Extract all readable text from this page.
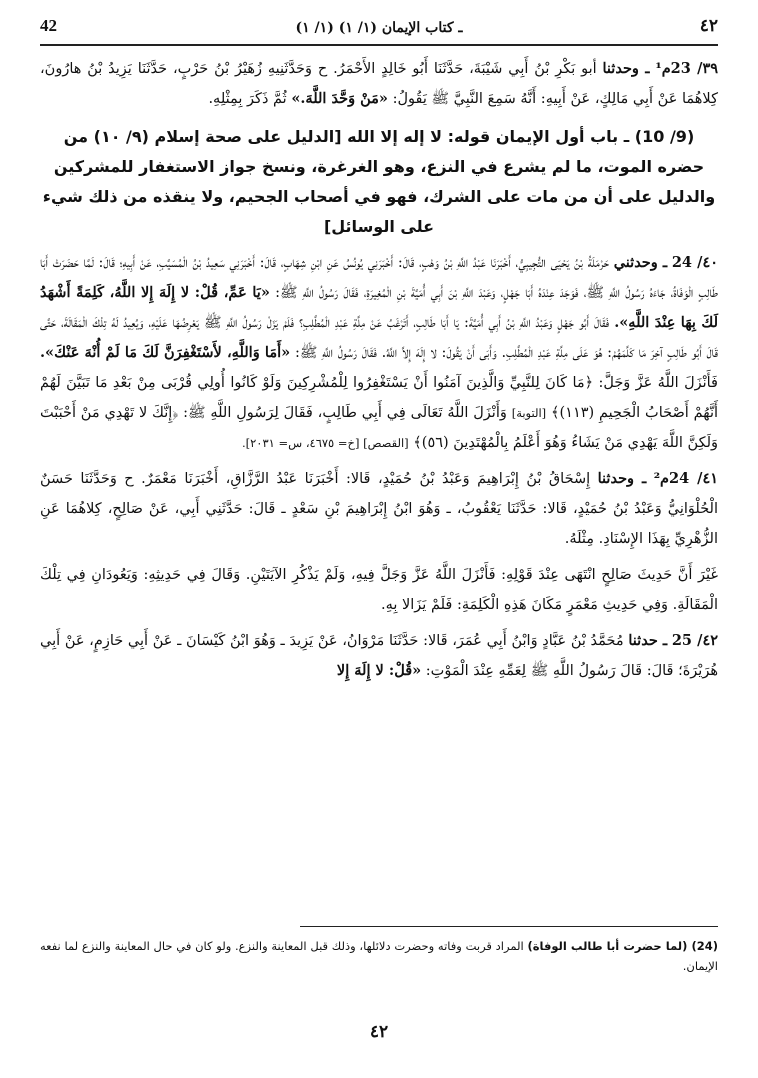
42	(١/ ١) ـ كتاب الإيمان (١/ ١)	٤٢

٣٩/ 23م¹ ـ وحدثنا أبو بَكْرِ بْنُ أَبِي شَيْبَةَ، حَدَّثَنَا أَبُو خَالِدٍ الأَحْمَرُ. ح وَحَدَّثَنِيهِ زُهَيْرُ بْنُ حَرْبٍ، حَدَّثَنَا يَزِيدُ بْنُ هارُونَ، كِلاهُمَا عَنْ أَبِي مَالِكٍ، عَنْ أَبِيهِ: أَنَّهُ سَمِعَ النَّبِيَّ ﷺ يَقُولُ: «مَنْ وَحَّدَ اللَّهَ.» ثُمَّ ذَكَرَ بِمِثْلِهِ.

(9/ 10) ـ باب أول الإيمان قوله: لا إله إلا الله [الدليل على صحة إسلام (٩/ ١٠) من حضره الموت، ما لم يشرع في النزع، وهو الغرغرة، ونسخ جواز الاستغفار للمشركين والدليل على أن من مات على الشرك، فهو في أصحاب الجحيم، ولا ينقذه من ذلك شيء على الوسائل]

٤٠/ 24 ـ وحدثني حَرْمَلَةُ بْنُ يَحْيَى التُّجِيبِيُّ، أَخْبَرَنَا عَبْدُ اللَّهِ بْنُ وَهْبٍ، قَالَ: أَخْبَرَنِي يُونُسُ عَنِ ابْنِ شِهَابٍ، قَالَ: أَخْبَرَنِي سَعِيدُ بْنُ الْمُسَيَّبِ، عَنْ أَبِيهِ؛ قَالَ: لَمَّا حَضَرَتْ أَبَا طَالِبٍ الْوَفَاةُ، جَاءَهُ رَسُولُ اللَّهِ ﷺ، فَوَجَدَ عِنْدَهُ أَبَا جَهْلٍ، وَعَبْدَ اللَّهِ بْنَ أَبِي أُمَيَّةَ بْنِ الْمُغِيرَةِ، فَقَالَ رَسُولُ اللَّهِ ﷺ: «يَا عَمِّ، قُلْ: لا إِلَهَ إِلا اللَّهُ، كَلِمَةً أَشْهَدُ لَكَ بِهَا عِنْدَ اللَّهِ». فَقَالَ أَبُو جَهْلٍ وَعَبْدُ اللَّهِ بْنُ أَبِي أُمَيَّةَ: يَا أَبَا طَالِبٍ، أَتَرْغَبُ عَنْ مِلَّةِ عَبْدِ الْمُطَّلِبِ؟ فَلَمْ يَزَلْ رَسُولُ اللَّهِ ﷺ يَعْرِضُهَا عَلَيْهِ، وَيُعِيدُ لَهُ تِلْكَ الْمَقَالَةَ، حَتَّى قَالَ أَبُو طَالِبٍ آخِرَ مَا كَلَّمَهُمْ: هُوَ عَلَى مِلَّةِ عَبْدِ الْمُطَّلِبِ. وَأَبَى أَنْ يَقُولَ: لا إِلَهَ إِلاَّ اللَّهُ. فَقَالَ رَسُولُ اللَّهِ ﷺ: «أَمَا وَاللَّهِ، لأَسْتَغْفِرَنَّ لَكَ مَا لَمْ أُنْهَ عَنْكَ». فَأَنْزَلَ اللَّهُ عَزَّ وَجَلَّ: ﴿مَا كَانَ لِلنَّبِيِّ وَالَّذِينَ آمَنُوا أَنْ يَسْتَغْفِرُوا لِلْمُشْرِكِينَ وَلَوْ كَانُوا أُولِي قُرْبَى مِنْ بَعْدِ مَا تَبَيَّنَ لَهُمْ أَنَّهُمْ أَصْحَابُ الْجَحِيمِ (١١٣)﴾ [التوبة] وَأَنْزَلَ اللَّهُ تَعَالَى فِي أَبِي طَالِبٍ، فَقَالَ لِرَسُولِ اللَّهِ ﷺ: ﴿إِنَّكَ لا تَهْدِي مَنْ أَحْبَبْتَ وَلَكِنَّ اللَّهَ يَهْدِي مَنْ يَشَاءُ وَهُوَ أَعْلَمُ بِالْمُهْتَدِينَ (٥٦)﴾ [القصص] [خ= ٤٦٧٥، س= ٢٠٣١].

٤١/ 24م² ـ وحدثنا إِسْحَاقُ بْنُ إِبْرَاهِيمَ وَعَبْدُ بْنُ حُمَيْدٍ، قَالا: أَخْبَرَنَا عَبْدُ الرَّزَّاقِ، أَخْبَرَنَا مَعْمَرٌ. ح وَحَدَّثَنَا حَسَنٌ الْحُلْوَانِيُّ وَعَبْدُ بْنُ حُمَيْدٍ، قَالا: حَدَّثَنَا يَعْقُوبُ، ـ وَهُوَ ابْنُ إِبْرَاهِيمَ بْنِ سَعْدٍ ـ قَالَ: حَدَّثَنِي أَبِي، عَنْ صَالِحٍ، كِلاهُمَا عَنِ الزُّهْرِيِّ بِهَذَا الإِسْنَادِ. مِثْلَهُ.

غَيْرَ أَنَّ حَدِيثَ صَالِحٍ انْتَهَى عِنْدَ قَوْلِهِ: فَأَنْزَلَ اللَّهُ عَزَّ وَجَلَّ فِيهِ، وَلَمْ يَذْكُرِ الآيَتَيْنِ. وَقَالَ فِي حَدِيثِهِ: وَيَعُودَانِ فِي تِلْكَ الْمَقَالَةِ. وَفِي حَدِيثِ مَعْمَرٍ مَكَانَ هَذِهِ الْكَلِمَةِ: فَلَمْ يَزَالا بِهِ.

٤٢/ 25 ـ حدثنا مُحَمَّدُ بْنُ عَبَّادٍ وَابْنُ أَبِي عُمَرَ، قَالا: حَدَّثَنَا مَرْوَانُ، عَنْ يَزِيدَ ـ وَهُوَ ابْنُ كَيْسَانَ ـ عَنْ أَبِي حَازِمٍ، عَنْ أَبِي هُرَيْرَةَ؛ قَالَ: قَالَ رَسُولُ اللَّهِ ﷺ لِعَمِّهِ عِنْدَ الْمَوْتِ: «قُلْ: لا إِلَهَ إِلا

(24) (لما حضرت أبا طالب الوفاة) المراد قربت وفاته وحضرت دلائلها، وذلك قبل المعاينة والنزع. ولو كان في حال المعاينة والنزع لما نفعه الإيمان.
٤٢
